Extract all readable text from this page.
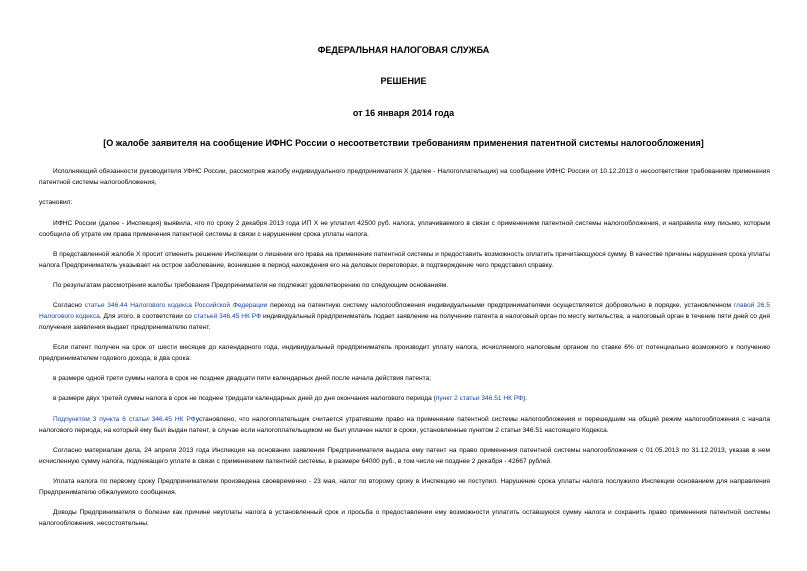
ФЕДЕРАЛЬНАЯ НАЛОГОВАЯ СЛУЖБА
РЕШЕНИЕ
от 16 января 2014 года
[О жалобе заявителя на сообщение ИФНС России о несоответствии требованиям применения патентной системы налогообложения]
Исполняющий обязанности руководителя УФНС России, рассмотрев жалобу индивидуального предпринимателя Х (далее - Налогоплательщик) на сообщение ИФНС России от 10.12.2013 о несоответствии требованиям применения патентной системы налогообложения,
установил:
ИФНС России (далее - Инспекция) выявила, что по сроку 2 декабря 2013 года ИП Х не уплатил 42500 руб. налога, уплачиваемого в связи с применением патентной системы налогообложения, и направила ему письмо, которым сообщила об утрате им права применения патентной системы в связи с нарушением срока уплаты налога.
В представленной жалобе Х просит отменить решение Инспекции о лишении его права на применение патентной системы и предоставить возможность оплатить причитающуюся сумму. В качестве причины нарушения срока уплаты налога Предприниматель указывает на острое заболевание, возникшее в период нахождения его на деловых переговорах, в подтверждение чего представил справку.
По результатам рассмотрения жалобы требования Предпринимателя не подлежат удовлетворению по следующим основаниям.
Согласно статье 346.44 Налогового кодекса Российской Федерации переход на патентную систему налогообложения индивидуальными предпринимателями осуществляется добровольно в порядке, установленном главой 26.5 Налогового кодекса. Для этого, в соответствии со статьей 346.45 НК РФ индивидуальный предприниматель подает заявление на получение патента в налоговый орган по месту жительства, а налоговый орган в течение пяти дней со дня получения заявления выдает предпринимателю патент.
Если патент получен на срок от шести месяцев до календарного года, индивидуальный предприниматель производит уплату налога, исчисляемого налоговым органом по ставке 6% от потенциально возможного к получению предпринимателем годового дохода, в два срока:
в размере одной трети суммы налога в срок не позднее двадцати пяти календарных дней после начала действия патента;
в размере двух третей суммы налога в срок не позднее тридцати календарных дней до дня окончания налогового периода (пункт 2 статьи 346.51 НК РФ).
Подпунктом 3 пункта 6 статьи 346.45 НК РФустановлено, что налогоплательщик считается утратившим право на применение патентной системы налогообложения и перешедшим на общий режим налогообложения с начала налогового периода, на который ему был выдан патент, в случае если налогоплательщиком не был уплачен налог в сроки, установленные пунктом 2 статьи 346.51 настоящего Кодекса.
Согласно материалам дела, 24 апреля 2013 года Инспекция на основании заявления Предпринимателя выдала ему патент на право применения патентной системы налогообложения с 01.05.2013 по 31.12.2013, указав в нем исчисленную сумму налога, подлежащего уплате в связи с применением патентной системы, в размере 64000 руб., в том числе не позднее 2 декабря - 42667 рублей.
Уплата налога по первому сроку Предпринимателем произведена своевременно - 23 мая, налог по второму сроку в Инспекцию не поступил. Нарушение срока уплаты налога послужило Инспекции основанием для направления Предпринимателю обжалуемого сообщения.
Доводы Предпринимателя о болезни как причине неуплаты налога в установленный срок и просьба о предоставлении ему возможности уплатить оставшуюся сумму налога и сохранить право применения патентной системы налогообложения, несостоятельны.
